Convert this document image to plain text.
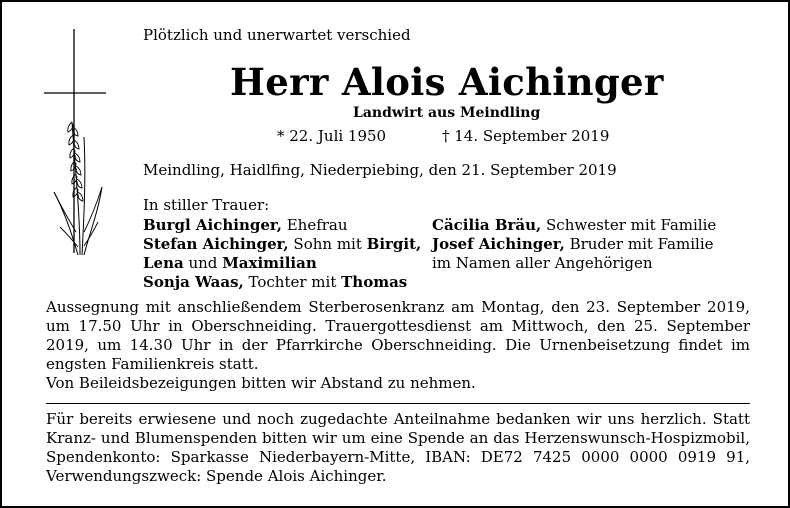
Plötzlich und unerwartet verschied
Herr Alois Aichinger
Landwirt aus Meindling
* 22. Juli 1950	† 14. September 2019
Meindling, Haidlfing, Niederpiebing, den 21. September 2019
In stiller Trauer:
Burgl Aichinger, Ehefrau
Stefan Aichinger, Sohn mit Birgit,
Lena und Maximilian
Sonja Waas, Tochter mit Thomas
Cäcilia Bräu, Schwester mit Familie
Josef Aichinger, Bruder mit Familie
im Namen aller Angehörigen
Aussegnung mit anschließendem Sterberosenkranz am Montag, den 23. September 2019, um 17.50 Uhr in Oberschneiding. Trauergottesdienst am Mittwoch, den 25. September 2019, um 14.30 Uhr in der Pfarrkirche Oberschneiding. Die Urnenbeisetzung findet im engsten Familienkreis statt.
Von Beileidsbezeigungen bitten wir Abstand zu nehmen.
Für bereits erwiesene und noch zugedachte Anteilnahme bedanken wir uns herzlich. Statt Kranz- und Blumenspenden bitten wir um eine Spende an das Herzenswunsch-Hospizmobil, Spendenkonto: Sparkasse Niederbayern-Mitte, IBAN: DE72 7425 0000 0000 0919 91, Verwendungszweck: Spende Alois Aichinger.
